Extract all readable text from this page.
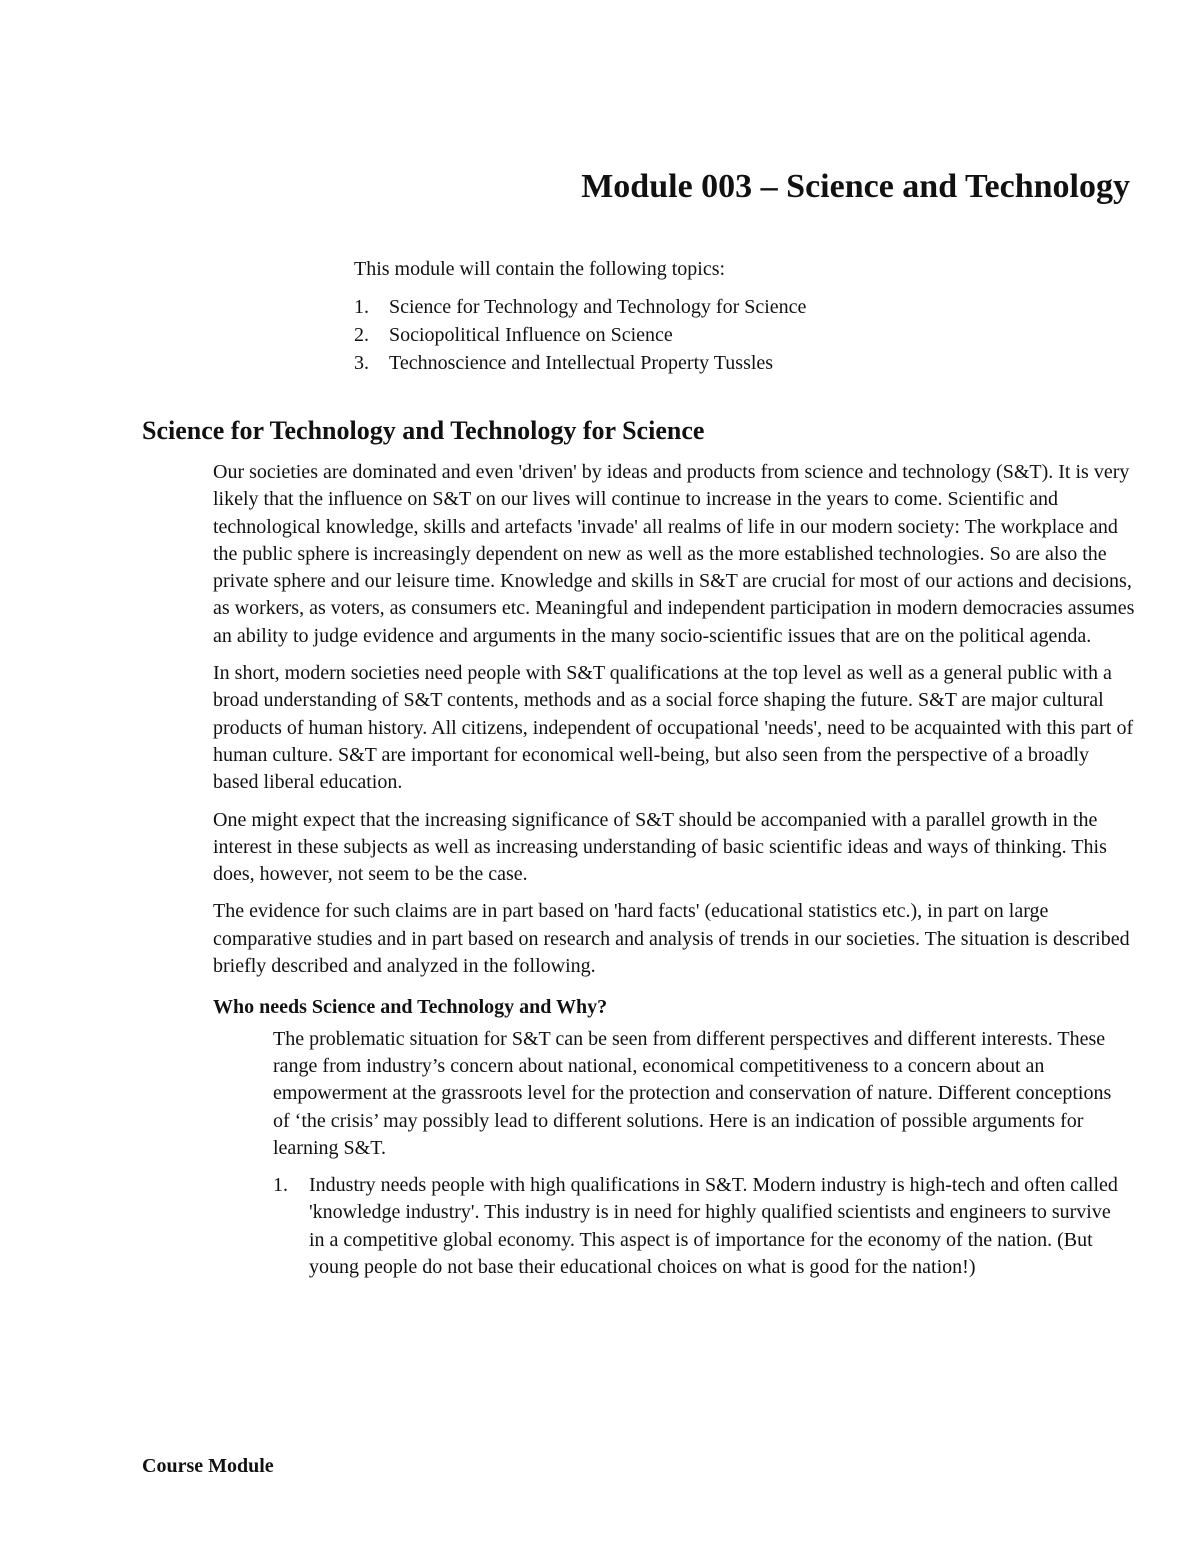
Module 003 – Science and Technology

This module will contain the following topics:

1. Science for Technology and Technology for Science
2. Sociopolitical Influence on Science
3. Technoscience and Intellectual Property Tussles
Science for Technology and Technology for Science

Our societies are dominated and even 'driven' by ideas and products from science and technology (S&T). It is very likely that the influence on S&T on our lives will continue to increase in the years to come. Scientific and technological knowledge, skills and artefacts 'invade' all realms of life in our modern society: The workplace and the public sphere is increasingly dependent on new as well as the more established technologies. So are also the private sphere and our leisure time. Knowledge and skills in S&T are crucial for most of our actions and decisions, as workers, as voters, as consumers etc. Meaningful and independent participation in modern democracies assumes an ability to judge evidence and arguments in the many socio-scientific issues that are on the political agenda.

In short, modern societies need people with S&T qualifications at the top level as well as a general public with a broad understanding of S&T contents, methods and as a social force shaping the future. S&T are major cultural products of human history. All citizens, independent of occupational 'needs', need to be acquainted with this part of human culture. S&T are important for economical well-being, but also seen from the perspective of a broadly based liberal education.

One might expect that the increasing significance of S&T should be accompanied with a parallel growth in the interest in these subjects as well as increasing understanding of basic scientific ideas and ways of thinking. This does, however, not seem to be the case.

The evidence for such claims are in part based on 'hard facts' (educational statistics etc.), in part on large comparative studies and in part based on research and analysis of trends in our societies. The situation is described briefly described and analyzed in the following.

Who needs Science and Technology and Why?

The problematic situation for S&T can be seen from different perspectives and different interests. These range from industry’s concern about national, economical competitiveness to a concern about an empowerment at the grassroots level for the protection and conservation of nature. Different conceptions of ‘the crisis’ may possibly lead to different solutions. Here is an indication of possible arguments for learning S&T.

1. Industry needs people with high qualifications in S&T. Modern industry is high-tech and often called 'knowledge industry'. This industry is in need for highly qualified scientists and engineers to survive in a competitive global economy. This aspect is of importance for the economy of the nation. (But young people do not base their educational choices on what is good for the nation!)
Course Module
